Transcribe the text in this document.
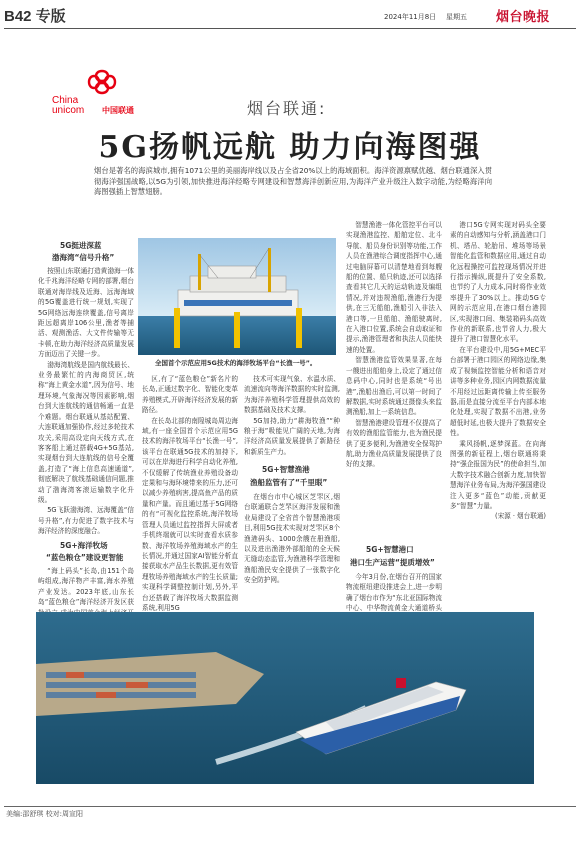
B42 专版	2024年11月8日 星期五 烟台晚报
China
unicom 中国联通	烟台联通:
5G扬帆远航 助力向海图强
烟台是著名的海滨城市,拥有1071公里的美丽海岸线以及占全省20%以上的海域面积。海洋资源禀赋优越、烟台联通深入贯彻海洋强国战略,以5G为引领,加快推进海洋经略专网建设和智慧海洋创新应用,为海洋产业升级注入数字动能,为经略海洋向海图强插上智慧翅膀。
5G挺进深蓝
渤海湾“信号升格”

按照山东联通打造黄渤海一体化千兆海洋经略专网的部署,烟台联通对海岸线及近海、远海海域的5G覆盖进行统一规划,实现了5G网络远海连续覆盖,信号离岸距远超离岸106公里,渔者等捕活、观测渔活、大文件传输等无卡顿,在助力海洋经济高质量发展方面迈出了关键一步。

渤海湾航线是国内航线最长、业务最繁忙的内海商贸区,统称“海上黄金水道”,因为信号、地理环境,气象海况等因素影响,烟台到大连航线的通信畅通一直是个难题。烟台联通从基站配置、大连联通加强协作,经过多轮技术攻关,采用高设定向天线方式,在客客船上通过搭载4G+5G基站,实现烟台到大连航线的信号全覆盖,打造了“海上信息高速通道”,彻底解决了航线基础通信问题,推动了渤海湾客滚运输数字化升级。

5G飞跃渤海湾、远海覆盖“信号升格”,有力促进了数字技术与海洋经济的深度融合。

5G+海洋牧场
“蓝色粮仓”建设更智能

“海上码头”长岛,由151个岛屿组成,海洋物产丰富,海水养殖产业发达。2023年底,山东长岛“蓝色粮仓”海洋经济开发区获

全国首个示范应用5G技术的海洋牧场平台“长渔一号”。

区,有了“蓝色粮仓”新名片的长岛,正通过数字化、智能化变革养殖模式,开辟海洋经济发展的新路径。

在长岛北部的南隍城岛周边海域,有一座全国首个示范应用5G技术的海洋牧场平台“长渔一号”,该平台在联通5G技术的加持下,可以在岸海进行科学自动化养殖,不仅缓解了传统渔业养殖设备动定果和与海环境带来的压力,还可以减少养殖病害,提高鱼产品的质量和产量。而且通过基于5G网络的有“可视化监控系统,海洋牧场管理人员通过监控指挥大屏或者手机终端就可以实时查看水质参数、海洋牧场养殖海域水产的生长情况,并通过国家AI智能分析直接获取水产品生长数据,更有效管理牧场养殖海域水产的生长质量;实现科学调整控制计划,另外,平台还搭载了海洋牧场大数据监测系统,利用5G

技术可实现气象、水温水质、流速流向等海洋数据的实时监测,为海洋养殖科学管理提供高效的数据基础及技术支撑。

5G加持,助力“耕海牧渔”“种粮于海”吸能见广阔的天地,为海洋经济高质量发展提供了新路径和新质生产力。

5G+智慧渔港
渔船监管有了“千里眼”

在烟台市中心城区芝罘区,烟台联通联合芝罘区海洋发展和渔业局建设了全省首个智慧渔港项目,利用5G技术实现对芝罘区8个渔港码头、1000余艘在册渔船,以及进出渔港外部船舶的全天候无缝动态监管,为渔港科学管理和渔船渔民安全提供了一张数字化安全防护网。

智慧渔港一体化管控平台可以实现渔港监控、船舶定位、北斗导航、船员身份识别等功能,工作人员在渔港综合调度指挥中心,通过电脑屏幕可以清楚地看到每艘船的位置、船只轨迹,还可以选择查看其它几天的运动轨迹及编组情况,并对违规渔船,渔港行为提供,在三无船舶,渔船引入非法入港口等,一旦船舶、渔船驶离时,在入港口位置,系统会自动取证和提示,渔港管理者和执法人员能快速的处置。

智慧渔港监管效果显著,在每一艘进出船舶身上,设定了通过信息码中心,同时也是系统“号出港”,渔船出渔后,可以第一时间了解数据,实时系统通过摄像头来监测渔船,加上一系统信息。

智慧渔港建设管理不仅提高了有效的渔船监管能力,也为渔民提供了更多便利,为渔港安全保驾护航,助力渔业高质量发展提供了良好的支撑。

5G+智慧港口
港口生产运营“提质增效”

今年3月份,在烟台召开的国家物流枢纽建设推进会上,进一步明确了烟台市作为“东北亚国际物流中心、中华物流黄金大通道桥头

港口5G专网实现对码头全要素的自动感知与分析,涵盖港口门机、塔吊、轮胎吊、堆场等场景智能化监管和数据应用,通过自动化远程操控可监控现场情况并进行指示操纵,既提升了安全系数,也节约了人力成本,同时将作业效率提升了30%以上。推动5G专网的示范应用,在港口烟台港园区,实现港口间、集装箱码头高效作业的新联系,也节省人力,极大提升了港口智慧化水平。

在平台建设中,用5G+MEC平台部署于港口园区的网络边缘,集成了视频监控智能分析和语音对讲等多种业务,园区内网数据流量不用经过远距离传输上传至服务器,而是直接分流至平台内部本地化处理,实现了数据不出港,业务超低时延,也极大提升了数据安全性。

乘风扬帆,逐梦深蓝。在向海图强的新征程上,烟台联通将秉持“强企报国为民”的使命担当,加大数字技术融合创新力度,加快智慧海洋业务布局,为海洋强国建设注入更多“蓝色”动能,贡献更多“智慧”力量。

(宋源 · 烟台联通)

美编:邵舒琪 校对:周宣阳
